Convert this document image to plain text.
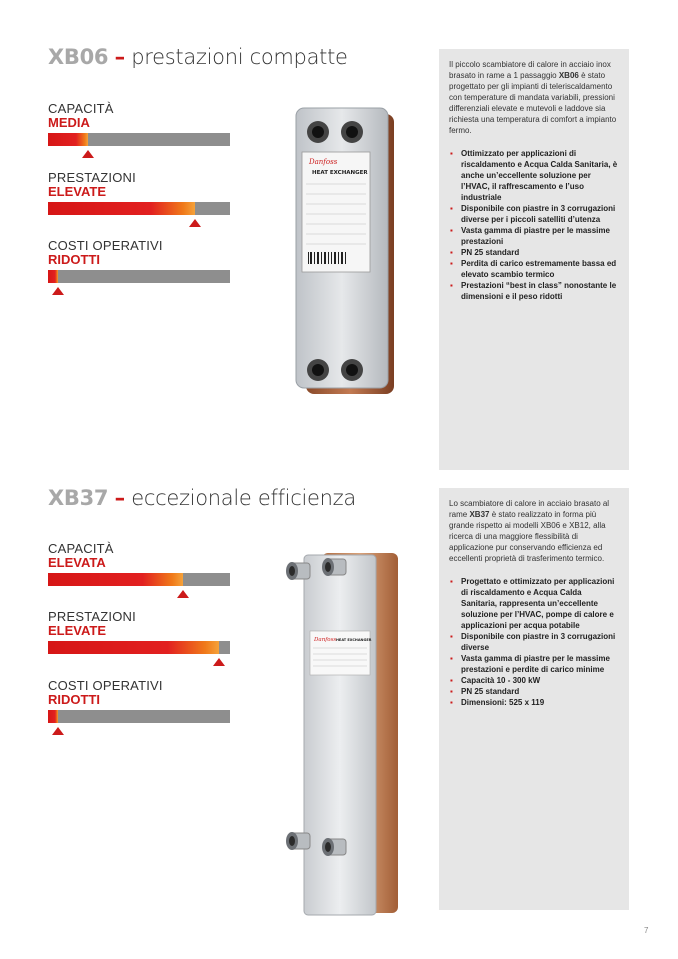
XB06 – prestazioni compatte
CAPACITÀ
MEDIA
PRESTAZIONI
ELEVATE
COSTI OPERATIVI
RIDOTTI
Danfoss
HEAT EXCHANGER

Il piccolo scambiatore di calore in acciaio inox brasato in rame a 1 passaggio XB06 è stato progettato per gli impianti di teleriscaldamento con temperature di mandata variabili, pressioni differenziali elevate e mutevoli e laddove sia richiesta una temperatura di comfort a impianto fermo.

▪ Ottimizzato per applicazioni di riscaldamento e Acqua Calda Sanitaria, è anche un’eccellente soluzione per l’HVAC, il raffrescamento e l’uso industriale
▪ Disponibile con piastre in 3 corrugazioni diverse per i piccoli satelliti d’utenza
▪ Vasta gamma di piastre per le massime prestazioni
▪ PN 25 standard
▪ Perdita di carico estremamente bassa ed elevato scambio termico
▪ Prestazioni “best in class” nonostante le dimensioni e il peso ridotti
XB37 – eccezionale efficienza
CAPACITÀ
ELEVATA
PRESTAZIONI
ELEVATE
COSTI OPERATIVI
RIDOTTI
Danfoss HEAT EXCHANGER

Lo scambiatore di calore in acciaio brasato al rame XB37 è stato realizzato in forma più grande rispetto ai modelli XB06 e XB12, alla ricerca di una maggiore flessibilità di applicazione pur conservando efficienza ed eccellenti proprietà di trasferimento termico.

▪ Progettato e ottimizzato per applicazioni di riscaldamento e Acqua Calda Sanitaria, rappresenta un’eccellente soluzione per l’HVAC, pompe di calore e applicazioni per acqua potabile
▪ Disponibile con piastre in 3 corrugazioni diverse
▪ Vasta gamma di piastre per le massime prestazioni e perdite di carico minime
▪ Capacità 10 - 300 kW
▪ PN 25 standard
▪ Dimensioni: 525 x 119
7
